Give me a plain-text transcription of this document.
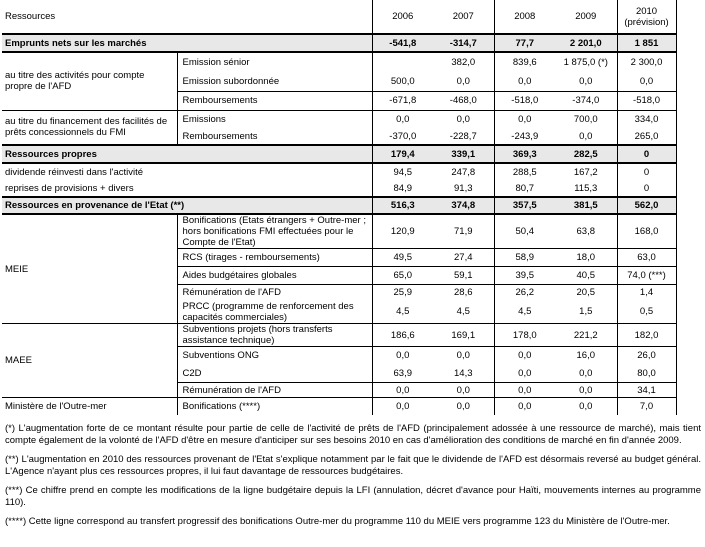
Ressources		2006	2007	2008	2009	2010
(prévision)

Emprunts nets sur les marchés		-541,8	-314,7	77,7	2 201,0	1 851
au titre des activités pour compte propre de l'AFD	Emission sénior		382,0	839,6	1 875,0 (*)	2 300,0
	Emission subordonnée	500,0	0,0	0,0	0,0	0,0
	Remboursements	-671,8	-468,0	-518,0	-374,0	-518,0
au titre du financement des facilités de prêts concessionnels du FMI	Emissions	0,0	0,0	0,0	700,0	334,0
	Remboursements	-370,0	-228,7	-243,9	0,0	265,0
Ressources propres		179,4	339,1	369,3	282,5	0
dividende réinvesti dans l'activité		94,5	247,8	288,5	167,2	0
reprises de provisions + divers		84,9	91,3	80,7	115,3	0
Ressources en provenance de l'Etat (**)		516,3	374,8	357,5	381,5	562,0
MEIE	Bonifications (Etats étrangers + Outre-mer ; hors bonifications FMI effectuées pour le Compte de l'Etat)	120,9	71,9	50,4	63,8	168,0
	RCS (tirages - remboursements)	49,5	27,4	58,9	18,0	63,0
	Aides budgétaires globales	65,0	59,1	39,5	40,5	74,0 (***)
	Rémunération de l'AFD	25,9	28,6	26,2	20,5	1,4
	PRCC (programme de renforcement des capacités commerciales)	4,5	4,5	4,5	1,5	0,5
MAEE	Subventions projets (hors transferts assistance technique)	186,6	169,1	178,0	221,2	182,0
	Subventions ONG	0,0	0,0	0,0	16,0	26,0
	C2D	63,9	14,3	0,0	0,0	80,0
	Rémunération de l'AFD	0,0	0,0	0,0	0,0	34,1
Ministère de l'Outre-mer	Bonifications (****)	0,0	0,0	0,0	0,0	7,0

(*) L'augmentation forte de ce montant résulte pour partie de celle de l'activité de prêts de l'AFD (principalement adossée à une ressource de marché), mais tient compte également de la volonté de l'AFD d'être en mesure d'anticiper sur ses besoins 2010 en cas d'amélioration des conditions de marché en fin d'année 2009.

(**) L'augmentation en 2010 des ressources provenant de l'Etat s'explique notamment par le fait que le dividende de l'AFD est désormais reversé au budget général. L'Agence n'ayant plus ces ressources propres, il lui faut davantage de ressources budgétaires.

(***) Ce chiffre prend en compte les modifications de la ligne budgétaire depuis la LFI (annulation, décret d'avance pour Haïti, mouvements internes au programme 110).

(****) Cette ligne correspond au transfert progressif des bonifications Outre-mer du programme 110 du MEIE vers programme 123 du Ministère de l'Outre-mer.
